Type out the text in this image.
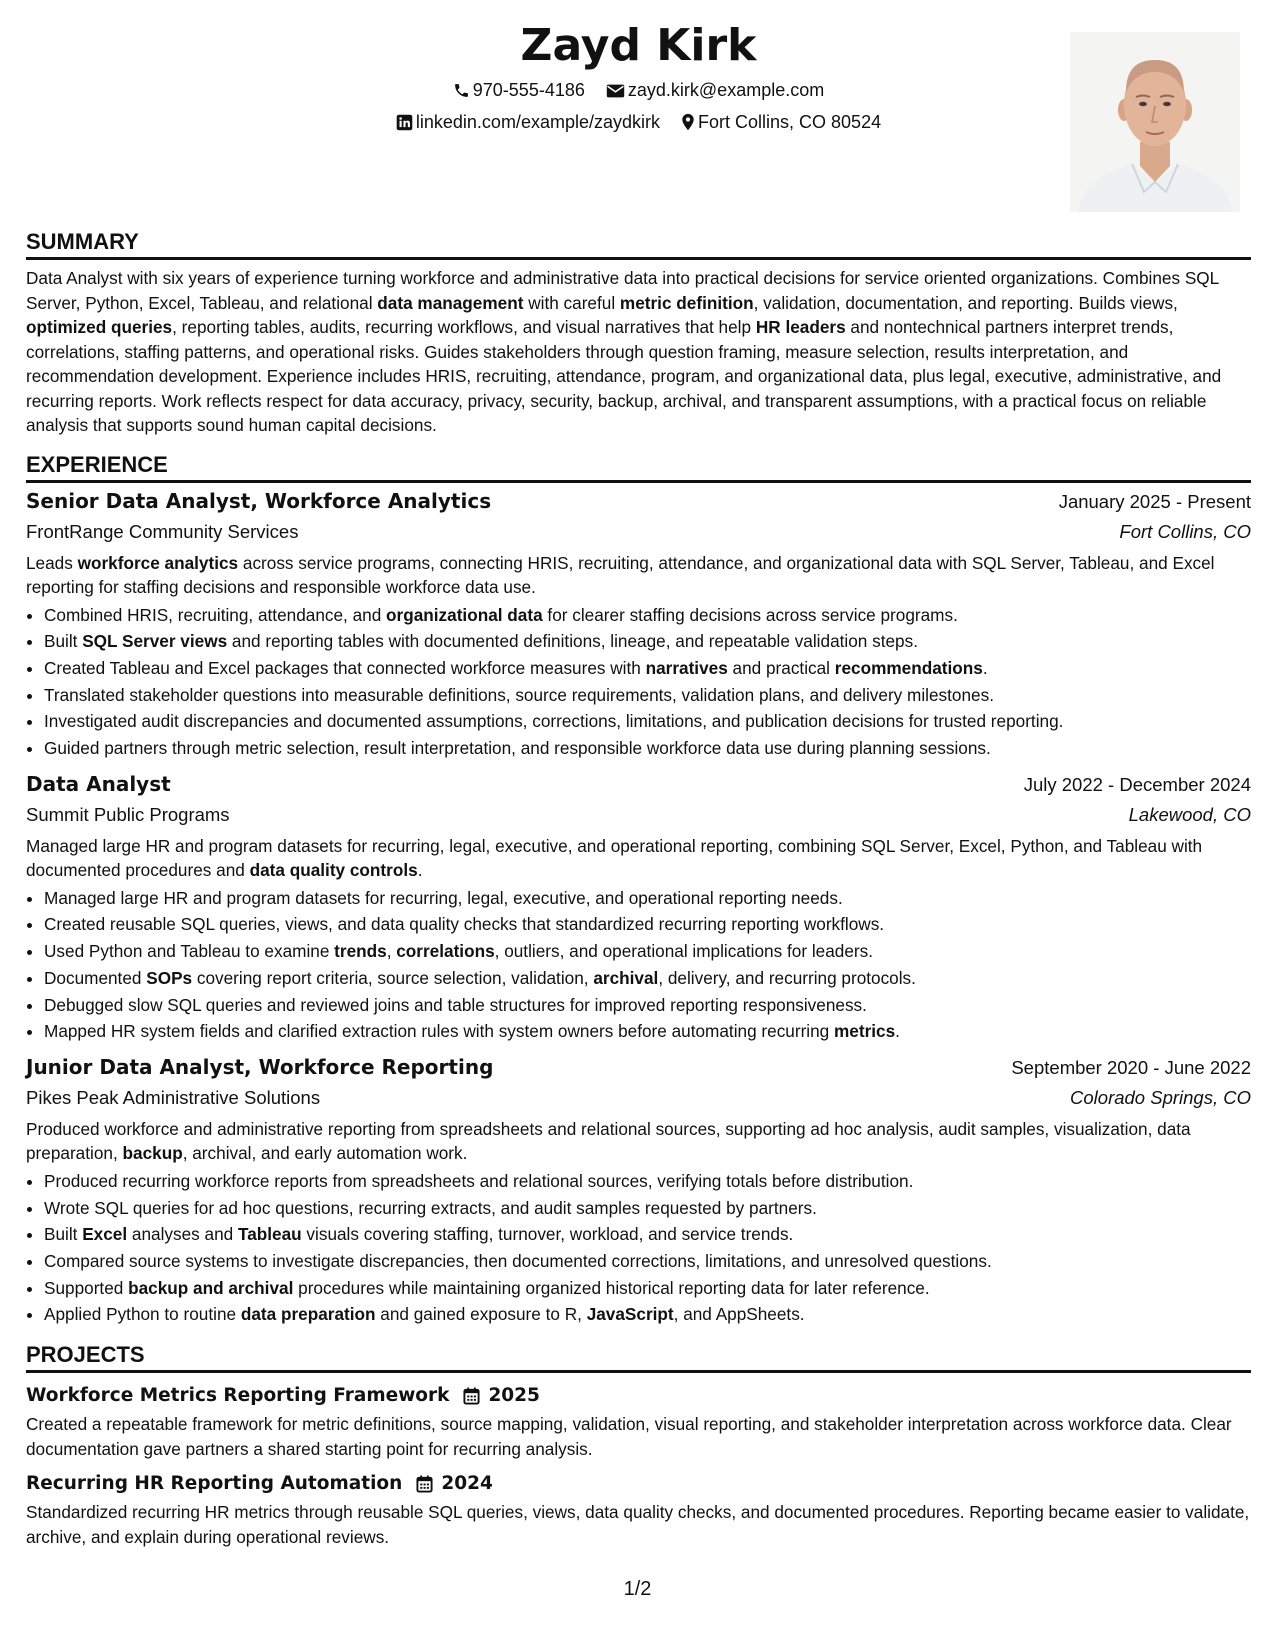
Zayd Kirk
970-555-4186 zayd.kirk@example.com
linkedin.com/example/zaydkirk Fort Collins, CO 80524
SUMMARY

Data Analyst with six years of experience turning workforce and administrative data into practical decisions for service oriented organizations. Combines SQL Server, Python, Excel, Tableau, and relational data management with careful metric definition, validation, documentation, and reporting. Builds views, optimized queries, reporting tables, audits, recurring workflows, and visual narratives that help HR leaders and nontechnical partners interpret trends, correlations, staffing patterns, and operational risks. Guides stakeholders through question framing, measure selection, results interpretation, and recommendation development. Experience includes HRIS, recruiting, attendance, program, and organizational data, plus legal, executive, administrative, and recurring reports. Work reflects respect for data accuracy, privacy, security, backup, archival, and transparent assumptions, with a practical focus on reliable analysis that supports sound human capital decisions.

EXPERIENCE
Senior Data Analyst, Workforce Analytics	January 2025 - Present
FrontRange Community Services	Fort Collins, CO

Leads workforce analytics across service programs, connecting HRIS, recruiting, attendance, and organizational data with SQL Server, Tableau, and Excel reporting for staffing decisions and responsible workforce data use.

• Combined HRIS, recruiting, attendance, and organizational data for clearer staffing decisions across service programs.
• Built SQL Server views and reporting tables with documented definitions, lineage, and repeatable validation steps.
• Created Tableau and Excel packages that connected workforce measures with narratives and practical recommendations.
• Translated stakeholder questions into measurable definitions, source requirements, validation plans, and delivery milestones.
• Investigated audit discrepancies and documented assumptions, corrections, limitations, and publication decisions for trusted reporting.
• Guided partners through metric selection, result interpretation, and responsible workforce data use during planning sessions.
Data Analyst	July 2022 - December 2024
Summit Public Programs	Lakewood, CO

Managed large HR and program datasets for recurring, legal, executive, and operational reporting, combining SQL Server, Excel, Python, and Tableau with documented procedures and data quality controls.

• Managed large HR and program datasets for recurring, legal, executive, and operational reporting needs.
• Created reusable SQL queries, views, and data quality checks that standardized recurring reporting workflows.
• Used Python and Tableau to examine trends, correlations, outliers, and operational implications for leaders.
• Documented SOPs covering report criteria, source selection, validation, archival, delivery, and recurring protocols.
• Debugged slow SQL queries and reviewed joins and table structures for improved reporting responsiveness.
• Mapped HR system fields and clarified extraction rules with system owners before automating recurring metrics.
Junior Data Analyst, Workforce Reporting	September 2020 - June 2022
Pikes Peak Administrative Solutions	Colorado Springs, CO

Produced workforce and administrative reporting from spreadsheets and relational sources, supporting ad hoc analysis, audit samples, visualization, data preparation, backup, archival, and early automation work.

• Produced recurring workforce reports from spreadsheets and relational sources, verifying totals before distribution.
• Wrote SQL queries for ad hoc questions, recurring extracts, and audit samples requested by partners.
• Built Excel analyses and Tableau visuals covering staffing, turnover, workload, and service trends.
• Compared source systems to investigate discrepancies, then documented corrections, limitations, and unresolved questions.
• Supported backup and archival procedures while maintaining organized historical reporting data for later reference.
• Applied Python to routine data preparation and gained exposure to R, JavaScript, and AppSheets.
PROJECTS
Workforce Metrics Reporting Framework 2025

Created a repeatable framework for metric definitions, source mapping, validation, visual reporting, and stakeholder interpretation across workforce data. Clear documentation gave partners a shared starting point for recurring analysis.

Recurring HR Reporting Automation 2024

Standardized recurring HR metrics through reusable SQL queries, views, data quality checks, and documented procedures. Reporting became easier to validate, archive, and explain during operational reviews.

1/2
